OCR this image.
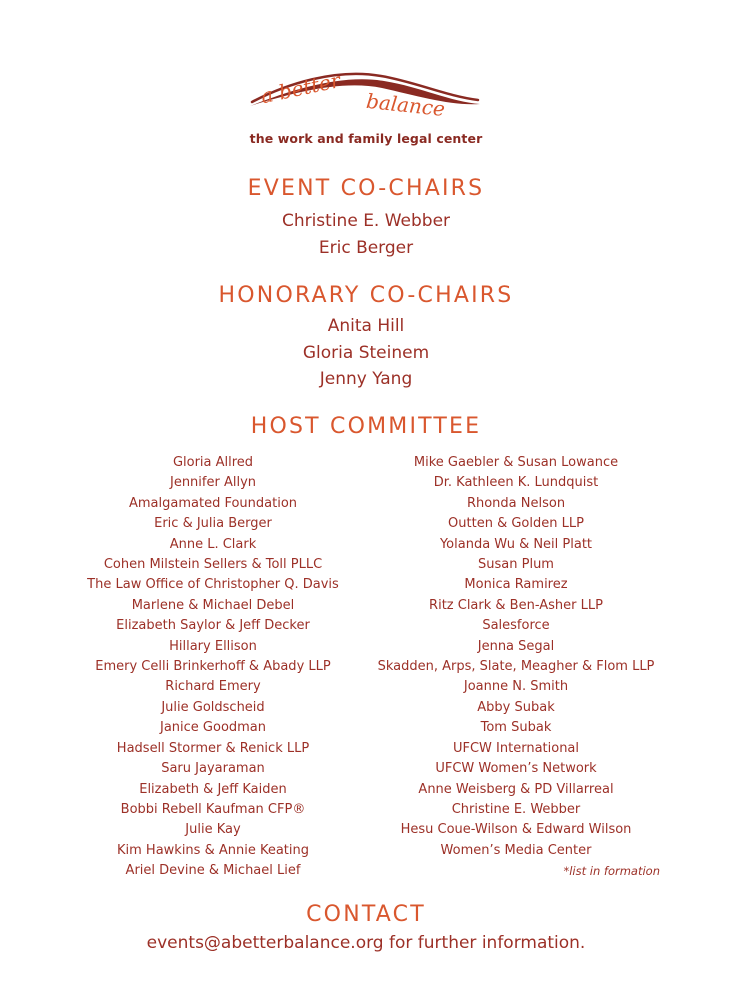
a better balance
the work and family legal center
EVENT CO-CHAIRS
Christine E. Webber
Eric Berger
HONORARY CO-CHAIRS
Anita Hill
Gloria Steinem
Jenny Yang
HOST COMMITTEE
Gloria Allred
Jennifer Allyn
Amalgamated Foundation
Eric & Julia Berger
Anne L. Clark
Cohen Milstein Sellers & Toll PLLC
The Law Office of Christopher Q. Davis
Marlene & Michael Debel
Elizabeth Saylor & Jeff Decker
Hillary Ellison
Emery Celli Brinkerhoff & Abady LLP
Richard Emery
Julie Goldscheid
Janice Goodman
Hadsell Stormer & Renick LLP
Saru Jayaraman
Elizabeth & Jeff Kaiden
Bobbi Rebell Kaufman CFP®
Julie Kay
Kim Hawkins & Annie Keating
Ariel Devine & Michael Lief
Mike Gaebler & Susan Lowance
Dr. Kathleen K. Lundquist
Rhonda Nelson
Outten & Golden LLP
Yolanda Wu & Neil Platt
Susan Plum
Monica Ramirez
Ritz Clark & Ben-Asher LLP
Salesforce
Jenna Segal
Skadden, Arps, Slate, Meagher & Flom LLP
Joanne N. Smith
Abby Subak
Tom Subak
UFCW International
UFCW Women’s Network
Anne Weisberg & PD Villarreal
Christine E. Webber
Hesu Coue-Wilson & Edward Wilson
Women’s Media Center
*list in formation
CONTACT
events@abetterbalance.org for further information.
